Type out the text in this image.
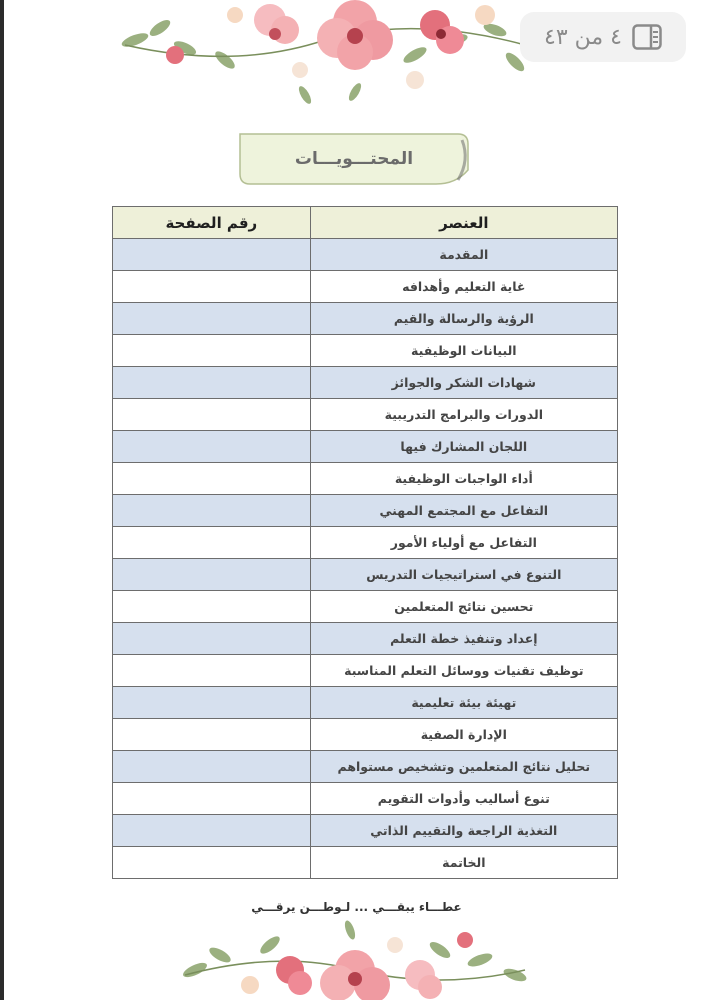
٤ من ٤٣
المحتـــويـــات
العنصر	رقم الصفحة
المقدمة	
غاية التعليم وأهدافه	
الرؤية والرسالة والقيم	
البيانات الوظيفية	
شهادات الشكر والجوائز	
الدورات والبرامج التدريبية	
اللجان المشارك فيها	
أداء الواجبات الوظيفية	
التفاعل مع المجتمع المهني	
التفاعل مع أولياء الأمور	
التنوع في استراتيجيات التدريس	
تحسين نتائج المتعلمين	
إعداد وتنفيذ خطة التعلم	
توظيف تقنيات ووسائل التعلم المناسبة	
تهيئة بيئة تعليمية	
الإدارة الصفية	
تحليل نتائج المتعلمين وتشخيص مستواهم	
تنوع أساليب وأدوات التقويم	
التغذية الراجعة والتقييم الذاتي	
الخاتمة	
عطـــاء يبقـــي ... لـوطـــن يرقـــي
